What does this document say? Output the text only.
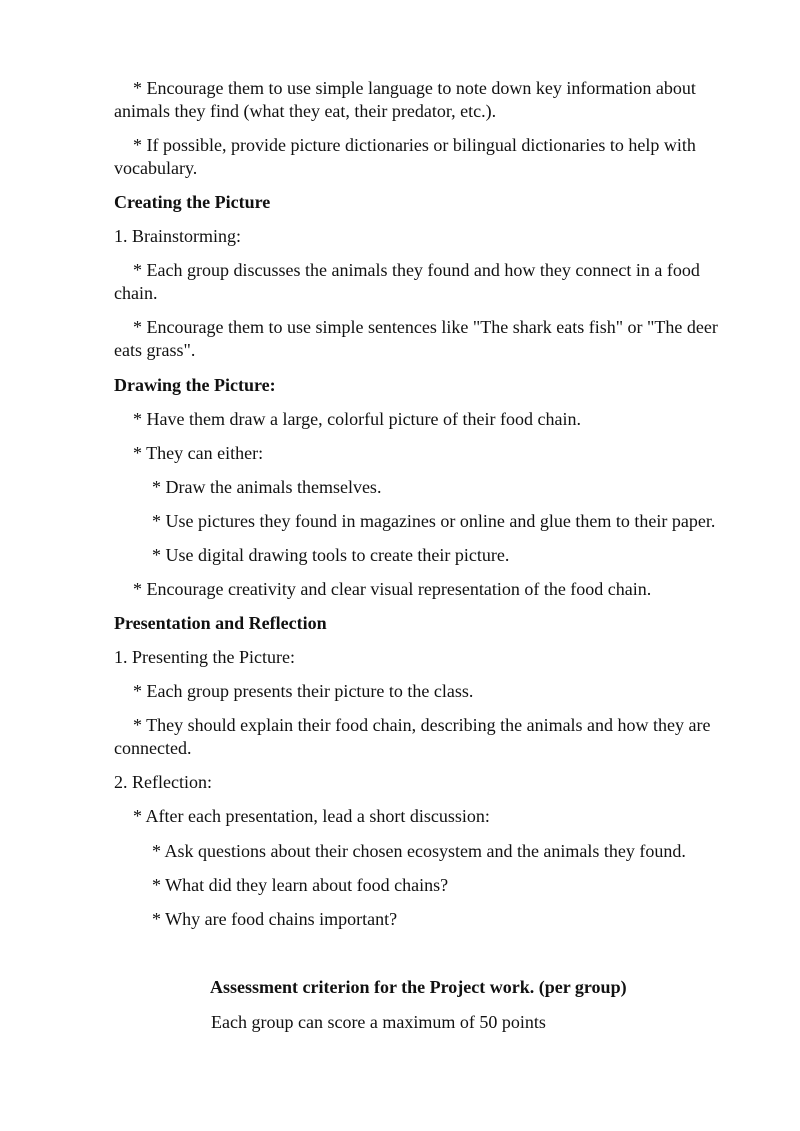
* Encourage them to use simple language to note down key information about animals they find (what they eat, their predator, etc.).

* If possible, provide picture dictionaries or bilingual dictionaries to help with vocabulary.

Creating the Picture

1. Brainstorming:

* Each group discusses the animals they found and how they connect in a food chain.

* Encourage them to use simple sentences like "The shark eats fish" or "The deer eats grass".

Drawing the Picture:

* Have them draw a large, colorful picture of their food chain.

* They can either:

* Draw the animals themselves.

* Use pictures they found in magazines or online and glue them to their paper.

* Use digital drawing tools to create their picture.

* Encourage creativity and clear visual representation of the food chain.

Presentation and Reflection

1. Presenting the Picture:

* Each group presents their picture to the class.

* They should explain their food chain, describing the animals and how they are connected.

2. Reflection:

* After each presentation, lead a short discussion:

* Ask questions about their chosen ecosystem and the animals they found.

* What did they learn about food chains?

* Why are food chains important?

Assessment criterion for the Project work. (per group)

Each group can score a maximum of 50 points
